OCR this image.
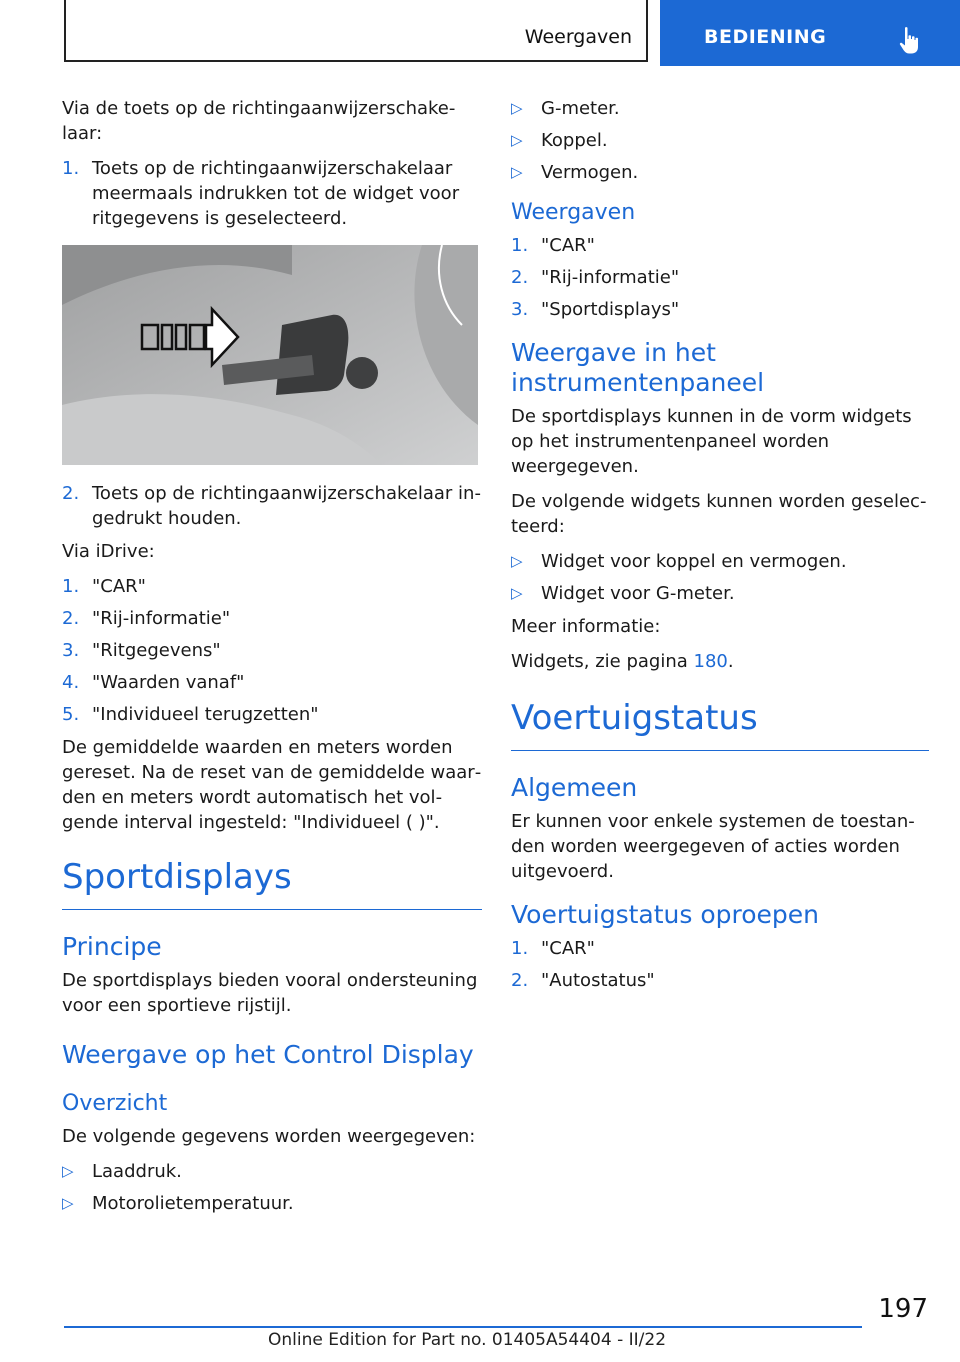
Weergaven	BEDIENING

Via de toets op de richtingaanwijzerschakelaar:

1. Toets op de richtingaanwijzerschakelaar meermaals indrukken tot de widget voor ritgegevens is geselecteerd.
2. Toets op de richtingaanwijzerschakelaar ingedrukt houden.

Via iDrive:

1. "CAR"
2. "Rij-informatie"
3. "Ritgegevens"
4. "Waarden vanaf"
5. "Individueel terugzetten"

De gemiddelde waarden en meters worden gereset. Na de reset van de gemiddelde waarden en meters wordt automatisch het volgende interval ingesteld: "Individueel ( )".

Sportdisplays
Principe

De sportdisplays bieden vooral ondersteuning voor een sportieve rijstijl.

Weergave op het Control Display
Overzicht

De volgende gegevens worden weergegeven:

▷ Laaddruk.
▷ Motorolietemperatuur.
▷ G-meter.
▷ Koppel.
▷ Vermogen.
Weergaven
1. "CAR"
2. "Rij-informatie"
3. "Sportdisplays"
Weergave in het instrumentenpaneel

De sportdisplays kunnen in de vorm widgets op het instrumentenpaneel worden weergegeven.

De volgende widgets kunnen worden geselecteerd:

▷ Widget voor koppel en vermogen.
▷ Widget voor G-meter.

Meer informatie:

Widgets, zie pagina 180.

Voertuigstatus
Algemeen

Er kunnen voor enkele systemen de toestanden worden weergegeven of acties worden uitgevoerd.

Voertuigstatus oproepen
1. "CAR"
2. "Autostatus"
197
Online Edition for Part no. 01405A54404 - II/22
